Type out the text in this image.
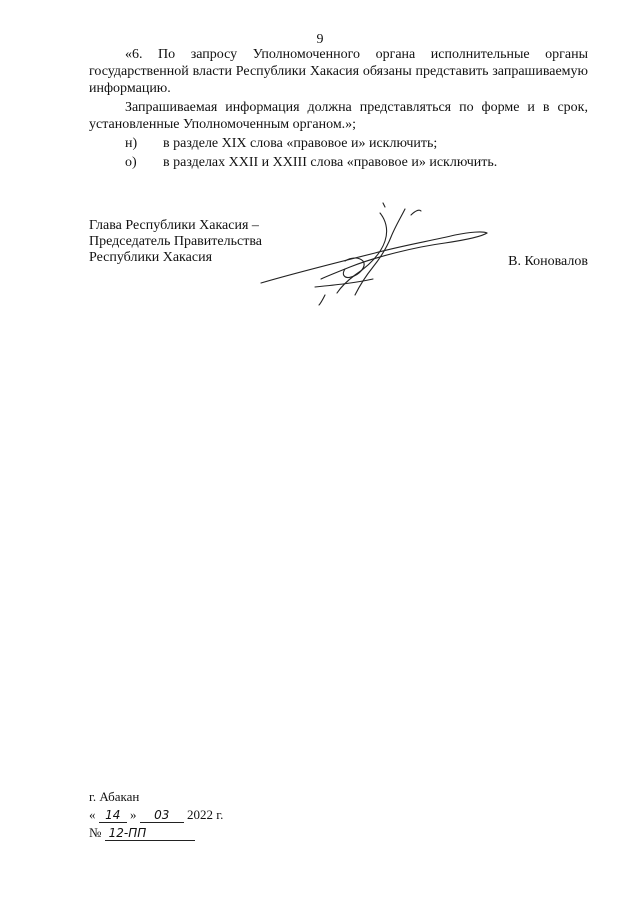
9

«6. По запросу Уполномоченного органа исполнительные органы государственной власти Республики Хакасия обязаны представить запрашиваемую информацию.

Запрашиваемая информация должна представляться по форме и в срок, установленные Уполномоченным органом.»;

н) в разделе XIX слова «правовое и» исключить;
о) в разделах XXII и XXIII слова «правовое и» исключить.
Глава Республики Хакасия –
Председатель Правительства
Республики Хакасия	В. Коновалов
г. Абакан
« 14 » 03 2022 г.
№ 12-ПП
